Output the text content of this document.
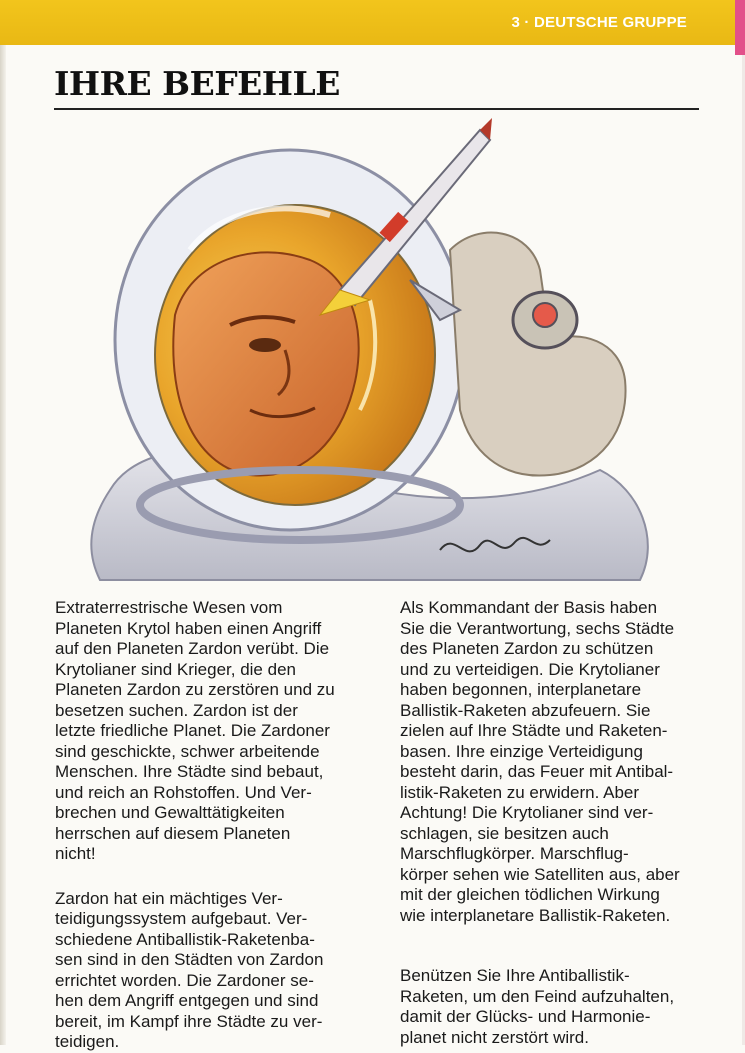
3 · DEUTSCHE GRUPPE
IHRE BEFEHLE

Extraterrestrische Wesen vom
Planeten Krytol haben einen Angriff
auf den Planeten Zardon verübt. Die
Krytolianer sind Krieger, die den
Planeten Zardon zu zerstören und zu
besetzen suchen. Zardon ist der
letzte friedliche Planet. Die Zardoner
sind geschickte, schwer arbeitende
Menschen. Ihre Städte sind bebaut,
und reich an Rohstoffen. Und Ver-
brechen und Gewalttätigkeiten
herrschen auf diesem Planeten
nicht!

Zardon hat ein mächtiges Ver-
teidigungssystem aufgebaut. Ver-
schiedene Antiballistik-Raketenba-
sen sind in den Städten von Zardon
errichtet worden. Die Zardoner se-
hen dem Angriff entgegen und sind
bereit, im Kampf ihre Städte zu ver-
teidigen.

Als Kommandant der Basis haben
Sie die Verantwortung, sechs Städte
des Planeten Zardon zu schützen
und zu verteidigen. Die Krytolianer
haben begonnen, interplanetare
Ballistik-Raketen abzufeuern. Sie
zielen auf Ihre Städte und Raketen-
basen. Ihre einzige Verteidigung
besteht darin, das Feuer mit Antibal-
listik-Raketen zu erwidern. Aber
Achtung! Die Krytolianer sind ver-
schlagen, sie besitzen auch
Marschflugkörper. Marschflug-
körper sehen wie Satelliten aus, aber
mit der gleichen tödlichen Wirkung
wie interplanetare Ballistik-Raketen.

Benützen Sie Ihre Antiballistik-
Raketen, um den Feind aufzuhalten,
damit der Glücks- und Harmonie-
planet nicht zerstört wird.
